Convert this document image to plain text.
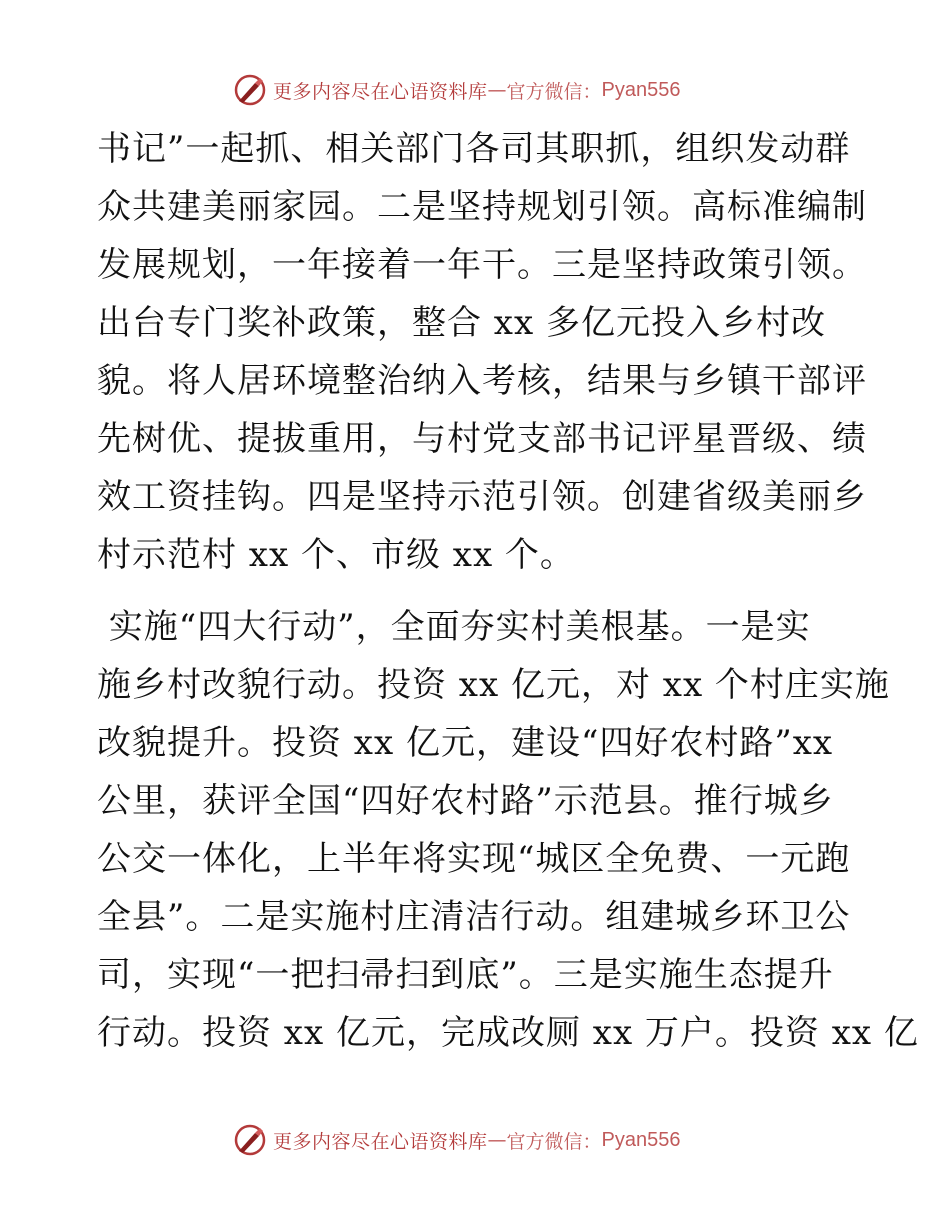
更多内容尽在心语资料库 — 官方微信： Pyan556

书记”一起抓、相关部门各司其职抓，组织发动群
众共建美丽家园。二是坚持规划引领。高标准编制
发展规划，一年接着一年干。三是坚持政策引领。
出台专门奖补政策，整合 xx 多亿元投入乡村改
貌。将人居环境整治纳入考核，结果与乡镇干部评
先树优、提拔重用，与村党支部书记评星晋级、绩
效工资挂钩。四是坚持示范引领。创建省级美丽乡
村示范村 xx 个、市级 xx 个。

实施“四大行动”，全面夯实村美根基。一是实
施乡村改貌行动。投资 xx 亿元，对 xx 个村庄实施
改貌提升。投资 xx 亿元，建设“四好农村路”xx
公里，获评全国“四好农村路”示范县。推行城乡
公交一体化，上半年将实现“城区全免费、一元跑
全县”。二是实施村庄清洁行动。组建城乡环卫公
司，实现“一把扫帚扫到底”。三是实施生态提升
行动。投资 xx 亿元，完成改厕 xx 万户。投资 xx 亿

更多内容尽在心语资料库 — 官方微信： Pyan556
